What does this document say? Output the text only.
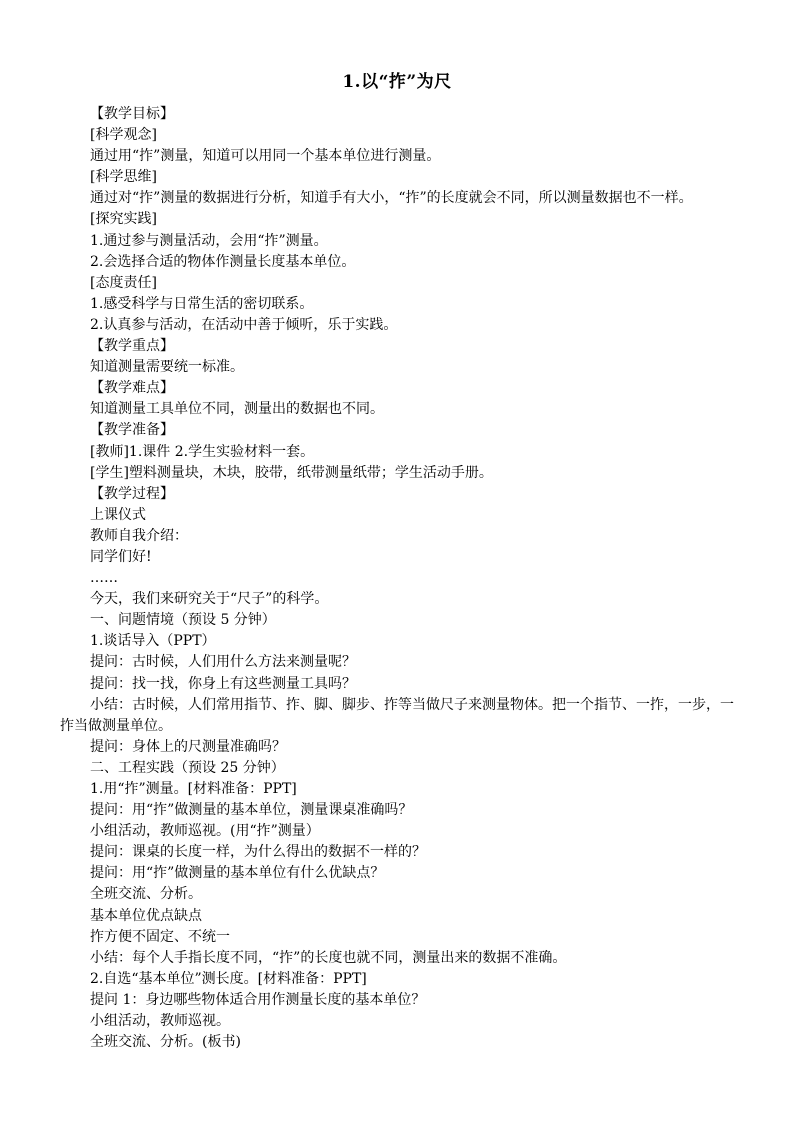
1.以“拃”为尺

【教学目标】

[科学观念]

通过用“拃”测量，知道可以用同一个基本单位进行测量。

[科学思维]

通过对“拃”测量的数据进行分析，知道手有大小，“拃”的长度就会不同，所以测量数据也不一样。

[探究实践]

1.通过参与测量活动，会用“拃”测量。

2.会选择合适的物体作测量长度基本单位。

[态度责任]

1.感受科学与日常生活的密切联系。

2.认真参与活动，在活动中善于倾听，乐于实践。

【教学重点】

知道测量需要统一标准。

【教学难点】

知道测量工具单位不同，测量出的数据也不同。

【教学准备】

[教师]1.课件 2.学生实验材料一套。

[学生]塑料测量块，木块，胶带，纸带测量纸带；学生活动手册。

【教学过程】

上课仪式

教师自我介绍：

同学们好!

……

今天，我们来研究关于“尺子”的科学。

一、问题情境（预设 5 分钟）

1.谈话导入（PPT）

提问：古时候，人们用什么方法来测量呢？

提问：找一找，你身上有这些测量工具吗？

小结：古时候，人们常用指节、拃、脚、脚步、拃等当做尺子来测量物体。把一个指节、一拃，一步，一拃当做测量单位。

提问：身体上的尺测量准确吗？

二、工程实践（预设 25 分钟）

1.用“拃”测量。[材料准备：PPT]

提问：用“拃”做测量的基本单位，测量课桌准确吗？

小组活动，教师巡视。(用“拃”测量）

提问：课桌的长度一样，为什么得出的数据不一样的？

提问：用“拃”做测量的基本单位有什么优缺点？

全班交流、分析。

基本单位优点缺点

拃方便不固定、不统一

小结：每个人手指长度不同，“拃”的长度也就不同，测量出来的数据不准确。

2.自选“基本单位”测长度。[材料准备：PPT]

提问 1：身边哪些物体适合用作测量长度的基本单位？

小组活动，教师巡视。

全班交流、分析。(板书)
